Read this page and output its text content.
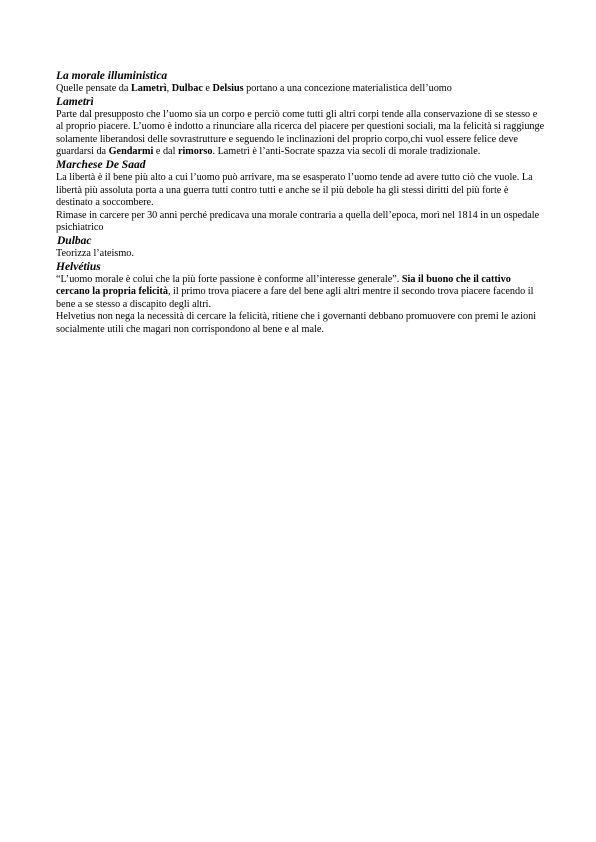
La morale illuministica
Quelle pensate da Lametrì, Dulbac e Delsius portano a una concezione materialistica dell’uomo
Lametrì
Parte dal presupposto che l’uomo sia un corpo e perciò come tutti gli altri corpi tende alla conservazione di se stesso e al proprio piacere. L’uomo è indotto a rinunciare alla ricerca del piacere per questioni sociali, ma la felicità si raggiunge solamente liberandosi delle sovrastrutture e seguendo le inclinazioni del proprio corpo,chi vuol essere felice deve guardarsi da Gendarmi e dal rimorso. Lametrì è l’anti-Socrate spazza via secoli di morale tradizionale.
Marchese De Saad
La libertà è il bene più alto a cui l’uomo può arrivare, ma se esasperato l’uomo tende ad avere tutto ciò che vuole. La libertà più assoluta porta a una guerra tutti contro tutti e anche se il più debole ha gli stessi diritti del più forte è destinato a soccombere.
Rimase in carcere per 30 anni perché predicava una morale contraria a quella dell’epoca, morì nel 1814 in un ospedale psichiatrico
Dulbac
Teorizza l’ateismo.
Helvétius
“L’uomo morale è colui che la più forte passione è conforme all’interesse generale”. Sia il buono che il cattivo cercano la propria felicità, il primo trova piacere a fare del bene agli altri mentre il secondo trova piacere facendo il bene a se stesso a discapito degli altri.
Helvetius non nega la necessità di cercare la felicità, ritiene che i governanti debbano promuovere con premi le azioni socialmente utili che magari non corrispondono al bene e al male.
